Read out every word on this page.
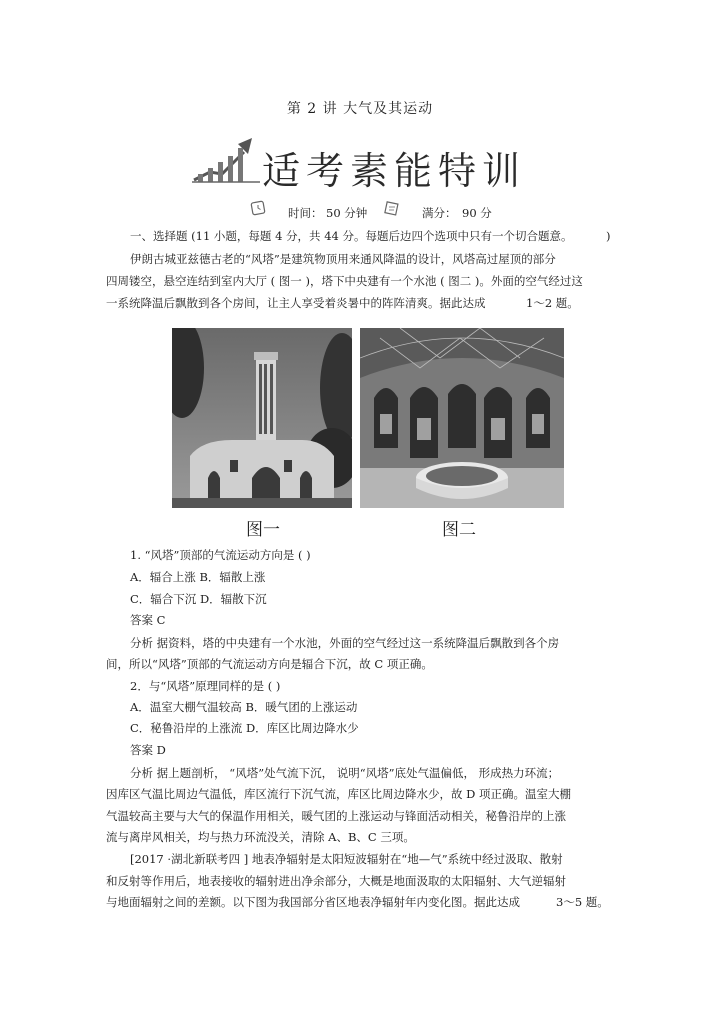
第 2 讲 大气及其运动
适考素能特训
时间： 50 分钟	满分： 90 分
一、选择题 (11 小题，每题 4 分，共 44 分。每题后边四个选项中只有一个切合题意。	)
伊朗古城亚兹德古老的“风塔”是建筑物顶用来通风降温的设计，风塔高过屋顶的部分
四周镂空，悬空连结到室内大厅 ( 图一 )，塔下中央建有一个水池 ( 图二 )。外面的空气经过这
一系统降温后飘散到各个房间，让主人享受着炎暑中的阵阵清爽。据此达成	1～2 题。
图一	图二
1. “风塔”顶部的气流运动方向是 ( )
A．辐合上涨 B．辐散上涨
C．辐合下沉 D．辐散下沉
答案 C
分析 据资料，塔的中央建有一个水池，外面的空气经过这一系统降温后飘散到各个房
间，所以“风塔”顶部的气流运动方向是辐合下沉，故 C 项正确。
2．与“风塔”原理同样的是 ( )
A．温室大棚气温较高 B．暖气团的上涨运动
C．秘鲁沿岸的上涨流 D．库区比周边降水少
答案 D
分析 据上题剖析， “风塔”处气流下沉， 说明“风塔”底处气温偏低， 形成热力环流；
因库区气温比周边气温低，库区流行下沉气流，库区比周边降水少，故 D 项正确。温室大棚
气温较高主要与大气的保温作用相关，暖气团的上涨运动与锋面活动相关，秘鲁沿岸的上涨
流与离岸风相关，均与热力环流没关，清除 A、B、C 三项。
[2017 ·湖北新联考四 ] 地表净辐射是太阳短波辐射在“地—气”系统中经过汲取、散射
和反射等作用后，地表接收的辐射进出净余部分，大概是地面汲取的太阳辐射、大气逆辐射
与地面辐射之间的差额。以下图为我国部分省区地表净辐射年内变化图。据此达成	3～5 题。
